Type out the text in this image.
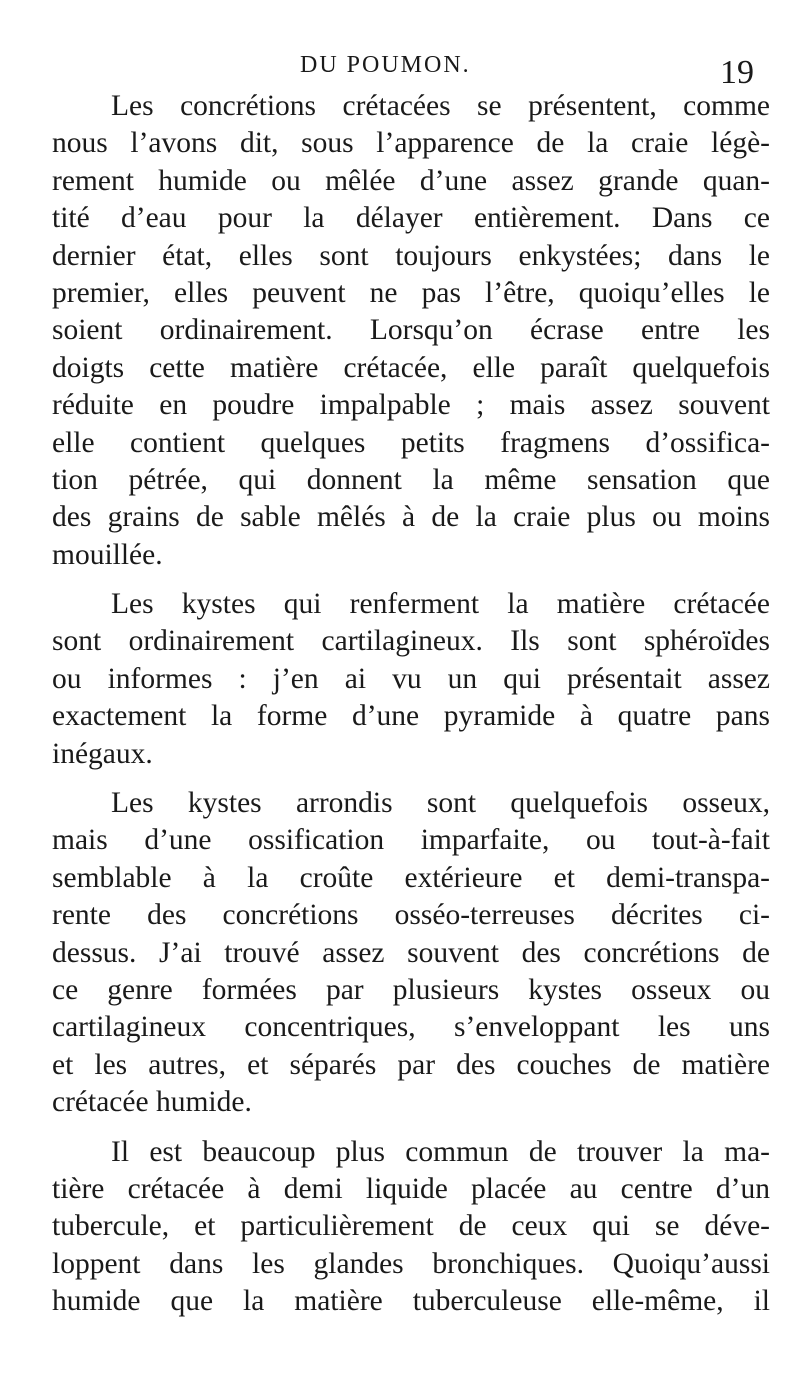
DU POUMON.	19
Les concrétions crétacées se présentent, comme
nous l’avons dit, sous l’apparence de la craie légè-
rement humide ou mêlée d’une assez grande quan-
tité d’eau pour la délayer entièrement. Dans ce
dernier état, elles sont toujours enkystées; dans le
premier, elles peuvent ne pas l’être, quoiqu’elles le
soient ordinairement. Lorsqu’on écrase entre les
doigts cette matière crétacée, elle paraît quelquefois
réduite en poudre impalpable ; mais assez souvent
elle contient quelques petits fragmens d’ossifica-
tion pétrée, qui donnent la même sensation que
des grains de sable mêlés à de la craie plus ou moins
mouillée.
Les kystes qui renferment la matière crétacée
sont ordinairement cartilagineux. Ils sont sphéroïdes
ou informes : j’en ai vu un qui présentait assez
exactement la forme d’une pyramide à quatre pans
inégaux.
Les kystes arrondis sont quelquefois osseux,
mais d’une ossification imparfaite, ou tout-à-fait
semblable à la croûte extérieure et demi-transpa-
rente des concrétions osséo-terreuses décrites ci-
dessus. J’ai trouvé assez souvent des concrétions de
ce genre formées par plusieurs kystes osseux ou
cartilagineux concentriques, s’enveloppant les uns
et les autres, et séparés par des couches de matière
crétacée humide.
Il est beaucoup plus commun de trouver la ma-
tière crétacée à demi liquide placée au centre d’un
tubercule, et particulièrement de ceux qui se déve-
loppent dans les glandes bronchiques. Quoiqu’aussi
humide que la matière tuberculeuse elle-même, il
